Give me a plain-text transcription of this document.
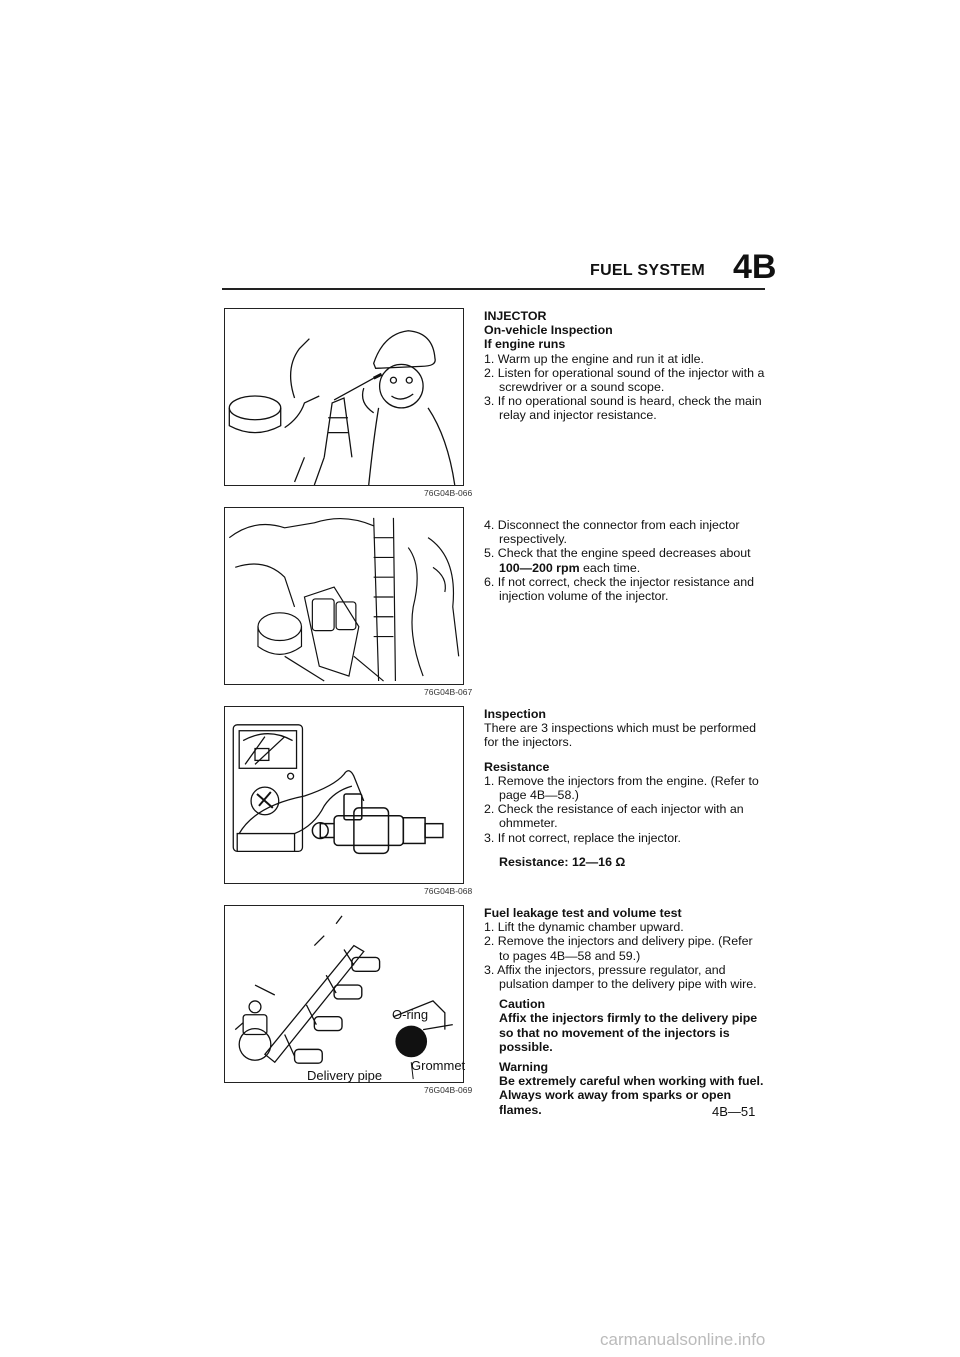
FUEL SYSTEM 4B
76G04B-066
76G04B-067
76G04B-068
O-ring
Delivery pipe
Grommet
76G04B-069

INJECTOR

On-vehicle Inspection

If engine runs

1. Warm up the engine and run it at idle.

2. Listen for operational sound of the injector with a screwdriver or a sound scope.

3. If no operational sound is heard, check the main relay and injector resistance.

4. Disconnect the connector from each injector respectively.

5. Check that the engine speed decreases about 100—200 rpm each time.

6. If not correct, check the injector resistance and injection volume of the injector.

Inspection

There are 3 inspections which must be performed for the injectors.

Resistance

1. Remove the injectors from the engine. (Refer to page 4B—58.)

2. Check the resistance of each injector with an ohmmeter.

3. If not correct, replace the injector.

Resistance: 12—16 Ω

Fuel leakage test and volume test

1. Lift the dynamic chamber upward.

2. Remove the injectors and delivery pipe. (Refer to pages 4B—58 and 59.)

3. Affix the injectors, pressure regulator, and pulsation damper to the delivery pipe with wire.

Caution

Affix the injectors firmly to the delivery pipe so that no movement of the injectors is possible.

Warning

Be extremely careful when working with fuel. Always work away from sparks or open flames.	4B—51
carmanualsonline.info
